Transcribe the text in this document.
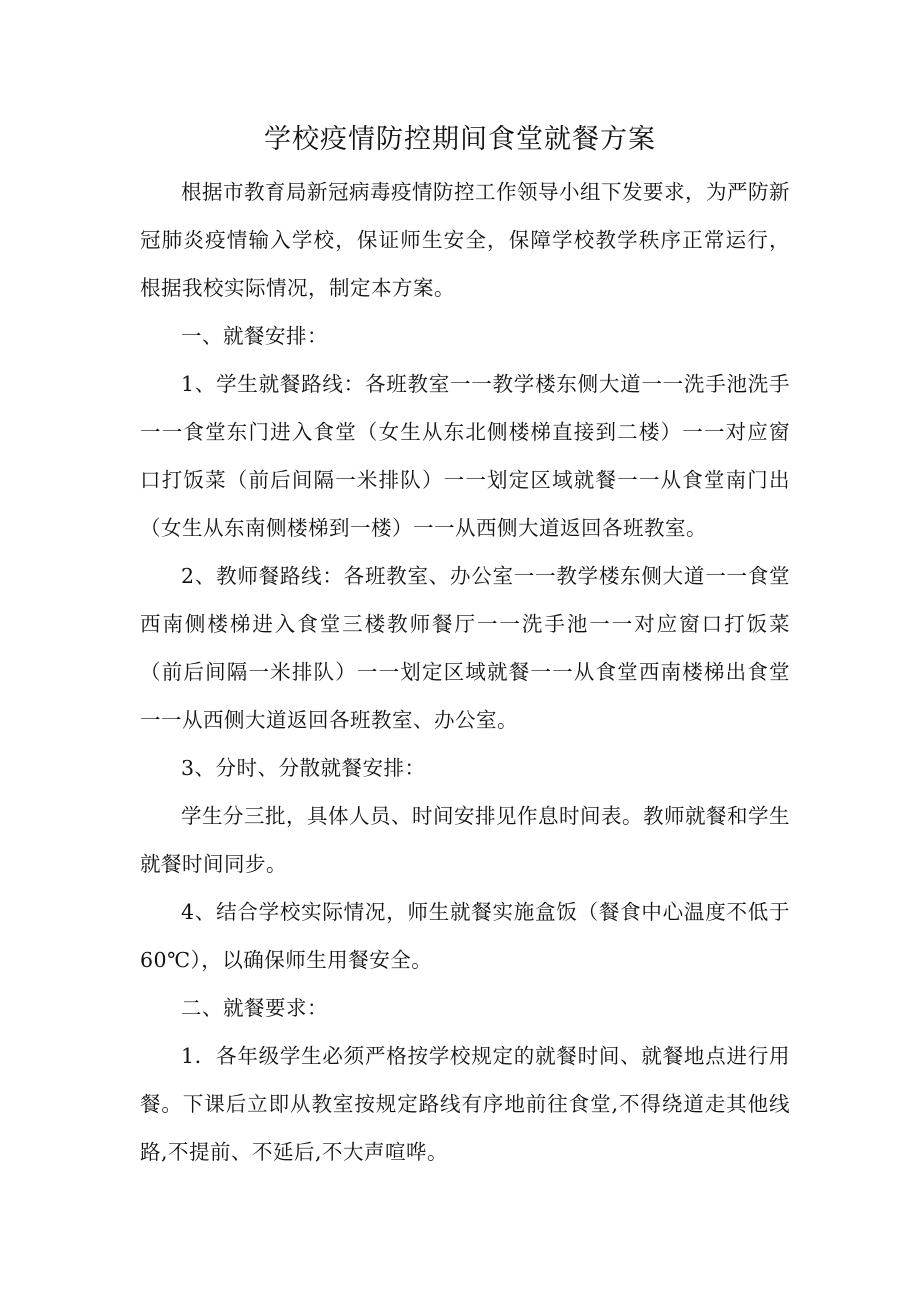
学校疫情防控期间食堂就餐方案

根据市教育局新冠病毒疫情防控工作领导小组下发要求，为严防新冠肺炎疫情输入学校，保证师生安全，保障学校教学秩序正常运行，根据我校实际情况，制定本方案。

一、就餐安排：

1、学生就餐路线：各班教室一一教学楼东侧大道一一洗手池洗手一一食堂东门进入食堂（女生从东北侧楼梯直接到二楼）一一对应窗口打饭菜（前后间隔一米排队）一一划定区域就餐一一从食堂南门出（女生从东南侧楼梯到一楼）一一从西侧大道返回各班教室。

2、教师餐路线：各班教室、办公室一一教学楼东侧大道一一食堂西南侧楼梯进入食堂三楼教师餐厅一一洗手池一一对应窗口打饭菜（前后间隔一米排队）一一划定区域就餐一一从食堂西南楼梯出食堂一一从西侧大道返回各班教室、办公室。

3、分时、分散就餐安排：

学生分三批，具体人员、时间安排见作息时间表。教师就餐和学生就餐时间同步。

4、结合学校实际情况，师生就餐实施盒饭（餐食中心温度不低于60℃），以确保师生用餐安全。

二、就餐要求：

1．各年级学生必须严格按学校规定的就餐时间、就餐地点进行用餐。下课后立即从教室按规定路线有序地前往食堂,不得绕道走其他线路,不提前、不延后,不大声喧哗。
